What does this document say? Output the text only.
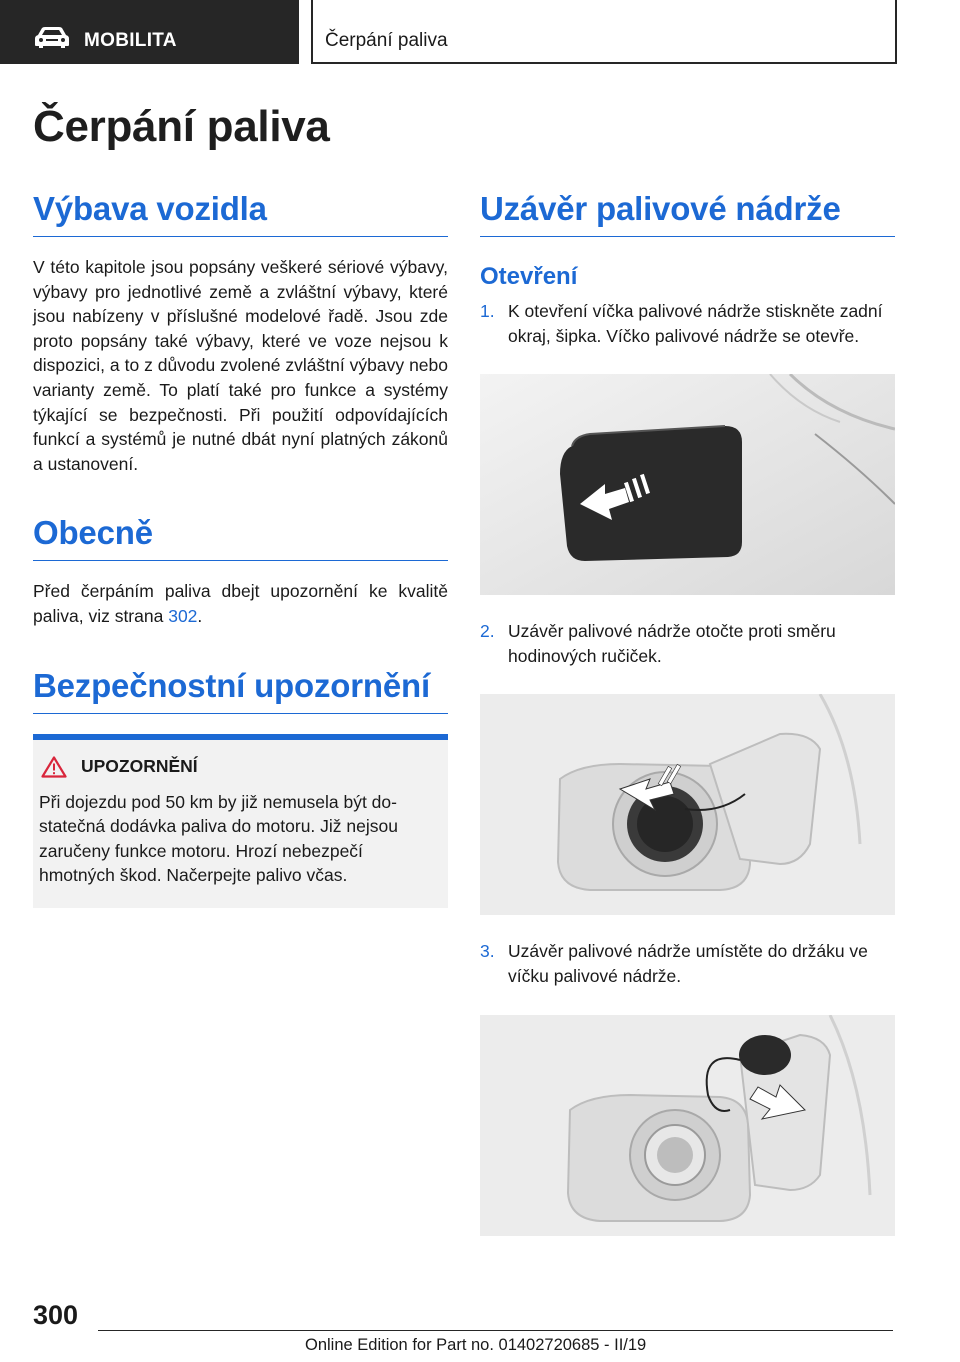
MOBILITA	Čerpání paliva
Čerpání paliva
Výbava vozidla

V této kapitole jsou popsány veškeré sériové výbavy, výbavy pro jednotlivé země a zvláštní výbavy, které jsou nabízeny v příslušné modelové řadě. Jsou zde proto popsány také výbavy, které ve voze nejsou k dispozici, a to z důvodu zvolené zvláštní výbavy nebo varianty země. To platí také pro funkce a systémy týkající se bezpečnosti. Při použití odpovídajících funkcí a systémů je nutné dbát nyní platných zákonů a ustanovení.

Obecně

Před čerpáním paliva dbejt upozornění ke kvalitě paliva, viz strana 302.

Bezpečnostní upozornění
UPOZORNĚNÍ

Při dojezdu pod 50 km by již nemusela být dostatečná dodávka paliva do motoru. Již nejsou zaručeny funkce motoru. Hrozí nebezpečí hmotných škod. Načerpejte palivo včas.

Uzávěr palivové nádrže
Otevření
1. K otevření víčka palivové nádrže stiskněte zadní okraj, šipka. Víčko palivové nádrže se otevře.
2. Uzávěr palivové nádrže otočte proti směru hodinových ručiček.
3. Uzávěr palivové nádrže umístěte do držáku ve víčku palivové nádrže.
300
Online Edition for Part no. 01402720685 - II/19
